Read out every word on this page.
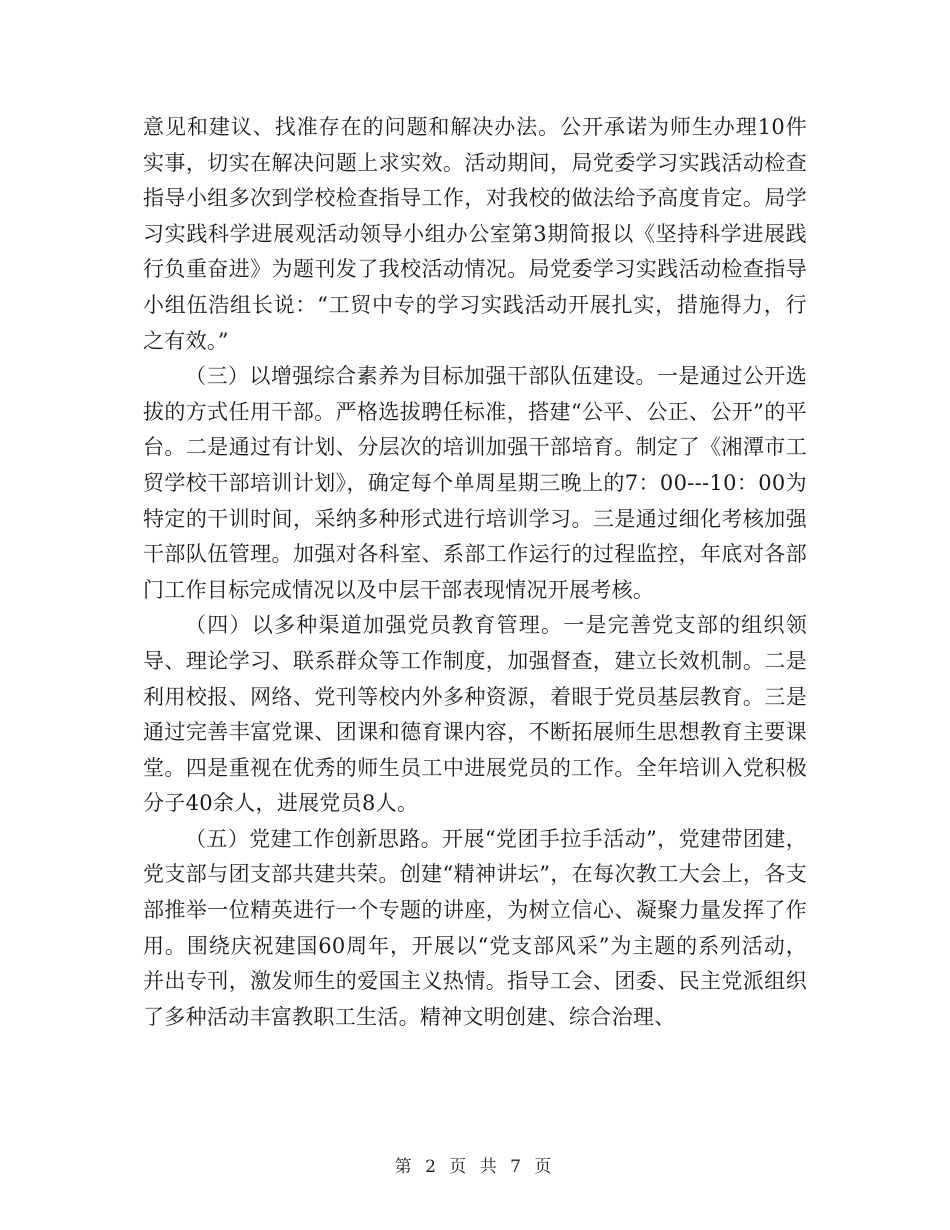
意见和建议、找准存在的问题和解决办法。公开承诺为师生办理10件实事，切实在解决问题上求实效。活动期间，局党委学习实践活动检查指导小组多次到学校检查指导工作，对我校的做法给予高度肯定。局学习实践科学进展观活动领导小组办公室第3期简报以《坚持科学进展践行负重奋进》为题刊发了我校活动情况。局党委学习实践活动检查指导小组伍浩组长说：“工贸中专的学习实践活动开展扎实，措施得力，行之有效。”

（三）以增强综合素养为目标加强干部队伍建设。一是通过公开选拔的方式任用干部。严格选拔聘任标准，搭建“公平、公正、公开”的平台。二是通过有计划、分层次的培训加强干部培育。制定了《湘潭市工贸学校干部培训计划》，确定每个单周星期三晚上的7：00---10：00为特定的干训时间，采纳多种形式进行培训学习。三是通过细化考核加强干部队伍管理。加强对各科室、系部工作运行的过程监控，年底对各部门工作目标完成情况以及中层干部表现情况开展考核。

（四）以多种渠道加强党员教育管理。一是完善党支部的组织领导、理论学习、联系群众等工作制度，加强督查，建立长效机制。二是利用校报、网络、党刊等校内外多种资源，着眼于党员基层教育。三是通过完善丰富党课、团课和德育课内容，不断拓展师生思想教育主要课堂。四是重视在优秀的师生员工中进展党员的工作。全年培训入党积极分子40余人，进展党员8人。

（五）党建工作创新思路。开展“党团手拉手活动”，党建带团建，党支部与团支部共建共荣。创建“精神讲坛”，在每次教工大会上，各支部推举一位精英进行一个专题的讲座，为树立信心、凝聚力量发挥了作用。围绕庆祝建国60周年，开展以“党支部风采”为主题的系列活动，并出专刊，激发师生的爱国主义热情。指导工会、团委、民主党派组织了多种活动丰富教职工生活。精神文明创建、综合治理、

第 2 页 共 7 页
